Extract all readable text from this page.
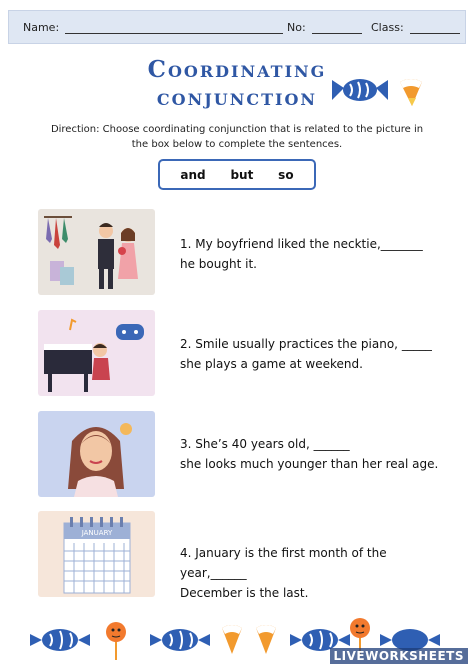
Name:	No:	Class:
Coordinating
conjunction
Direction: Choose coordinating conjunction that is related to the picture in the box below to complete the sentences.
and but so
1. My boyfriend liked the necktie,_______
he bought it.
2. Smile usually practices the piano, _____
she plays a game at weekend.
3. She’s 40 years old, ______
she looks much younger than her real age.
JANUARY
4. January is the first month of the year,______
December is the last.
LIVEWORKSHEETS
